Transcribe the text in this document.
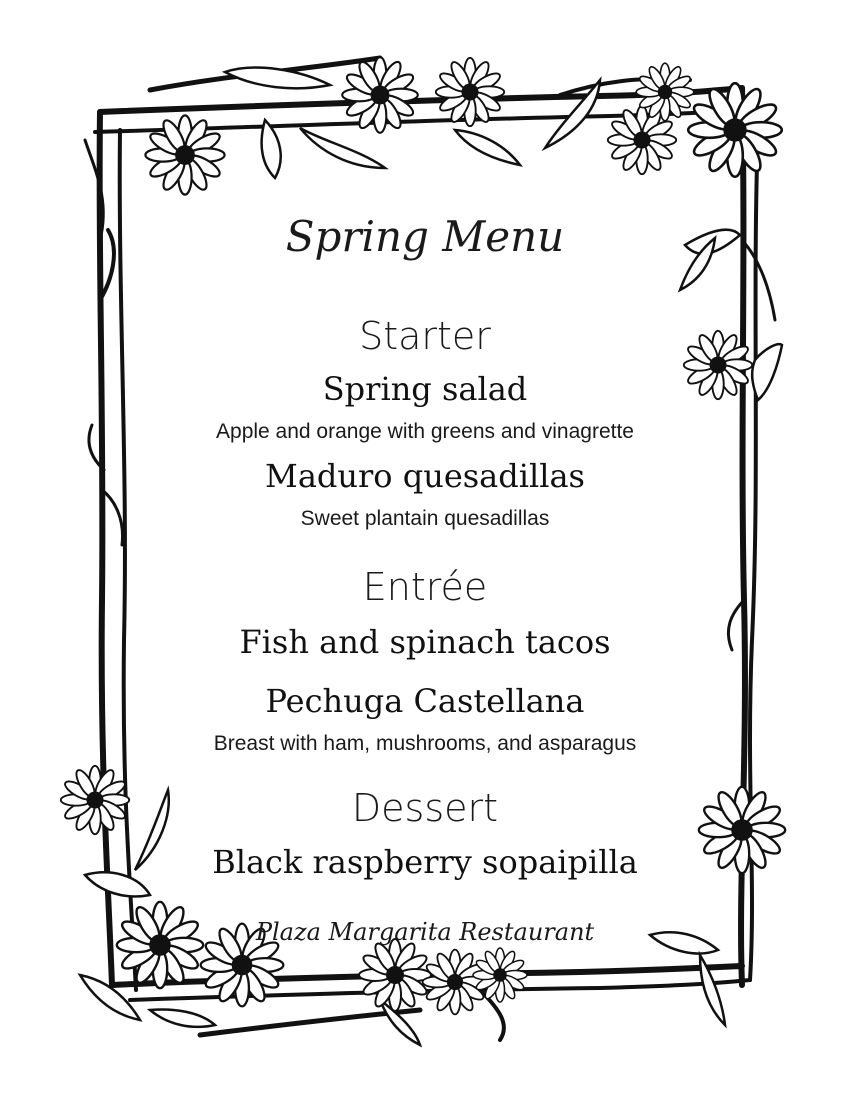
Spring Menu
Starter
Spring salad
Apple and orange with greens and vinagrette
Maduro quesadillas
Sweet plantain quesadillas
Entrée
Fish and spinach tacos
Pechuga Castellana
Breast with ham, mushrooms, and asparagus
Dessert
Black raspberry sopaipilla
Plaza Margarita Restaurant
